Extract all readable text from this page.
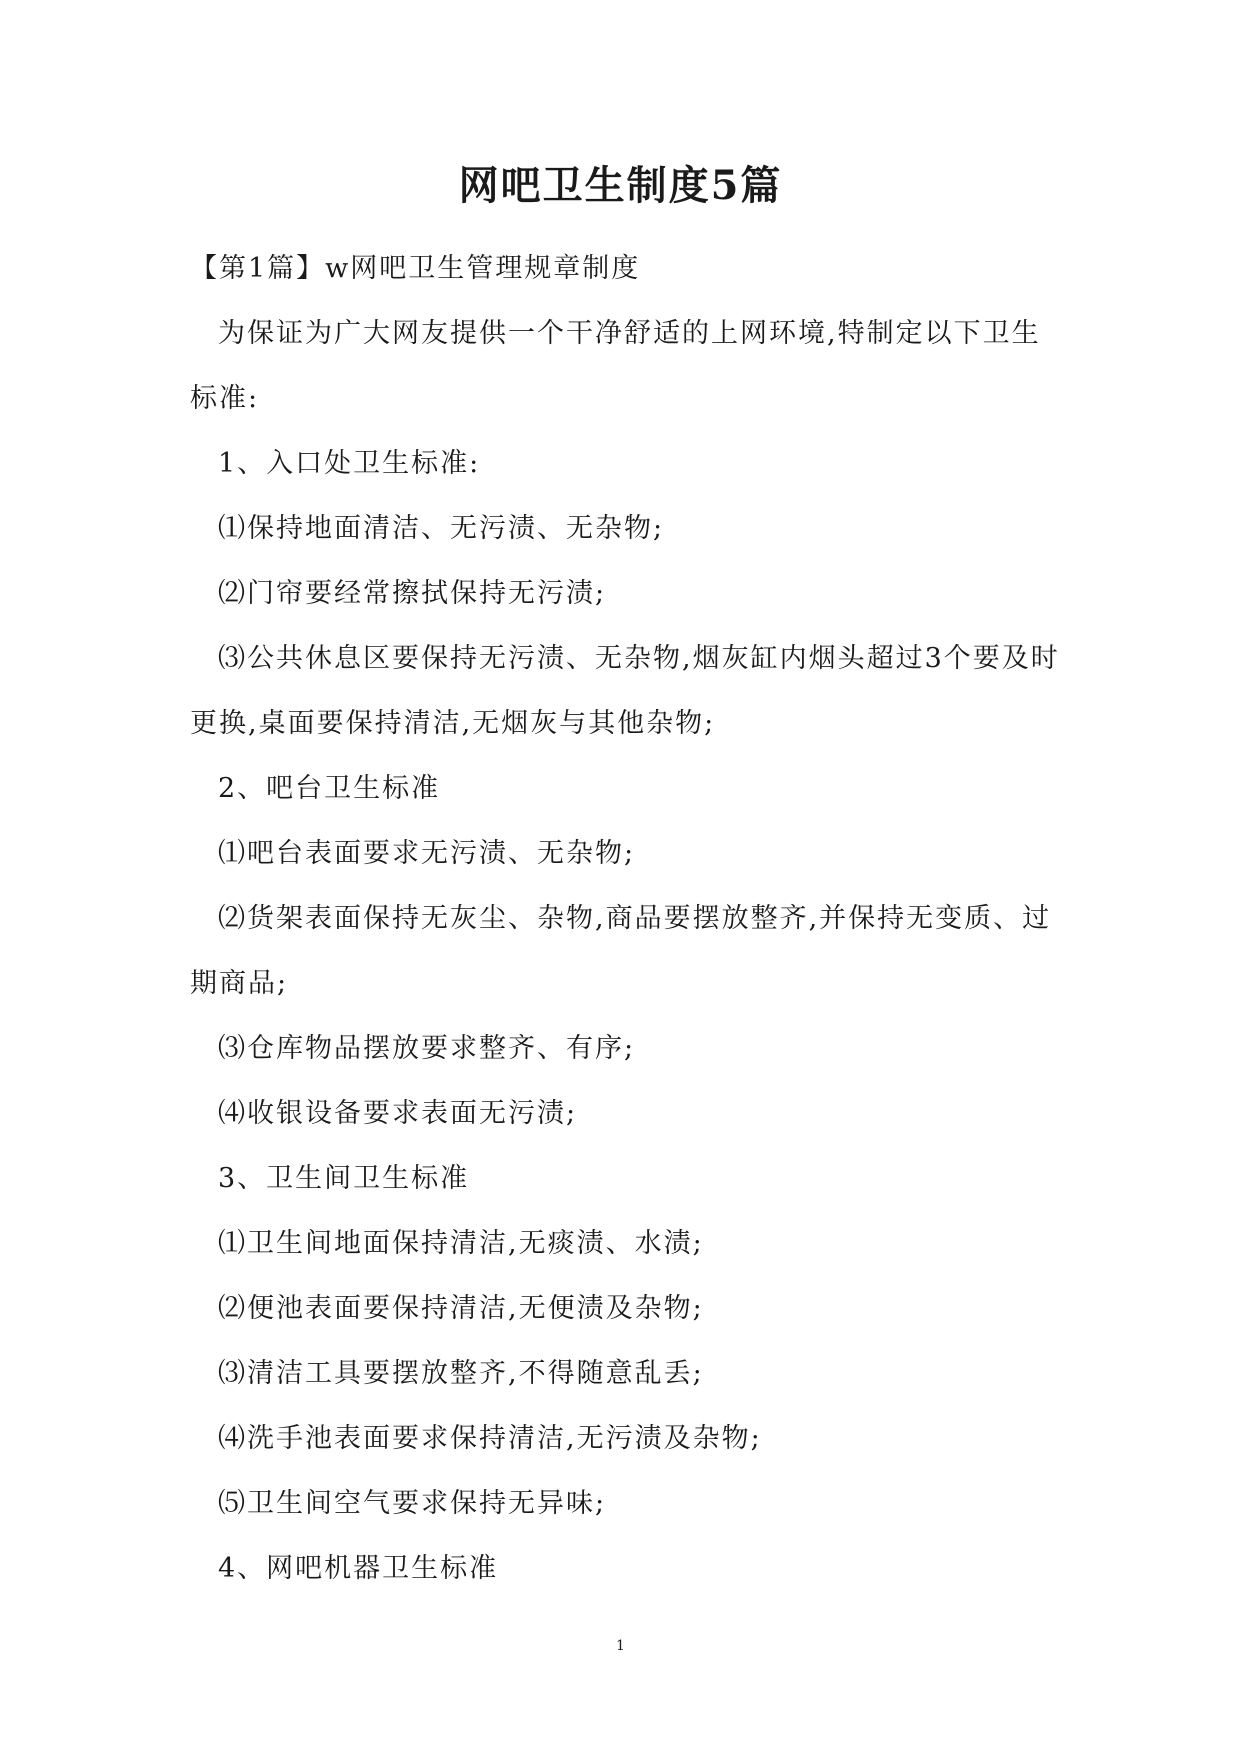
网吧卫生制度5篇

【第1篇】w网吧卫生管理规章制度

为保证为广大网友提供一个干净舒适的上网环境,特制定以下卫生标准:

1、入口处卫生标准:

⑴保持地面清洁、无污渍、无杂物;

⑵门帘要经常擦拭保持无污渍;

⑶公共休息区要保持无污渍、无杂物,烟灰缸内烟头超过3个要及时更换,桌面要保持清洁,无烟灰与其他杂物;

2、吧台卫生标准

⑴吧台表面要求无污渍、无杂物;

⑵货架表面保持无灰尘、杂物,商品要摆放整齐,并保持无变质、过期商品;

⑶仓库物品摆放要求整齐、有序;

⑷收银设备要求表面无污渍;

3、卫生间卫生标准

⑴卫生间地面保持清洁,无痰渍、水渍;

⑵便池表面要保持清洁,无便渍及杂物;

⑶清洁工具要摆放整齐,不得随意乱丢;

⑷洗手池表面要求保持清洁,无污渍及杂物;

⑸卫生间空气要求保持无异味;

4、网吧机器卫生标准

1
